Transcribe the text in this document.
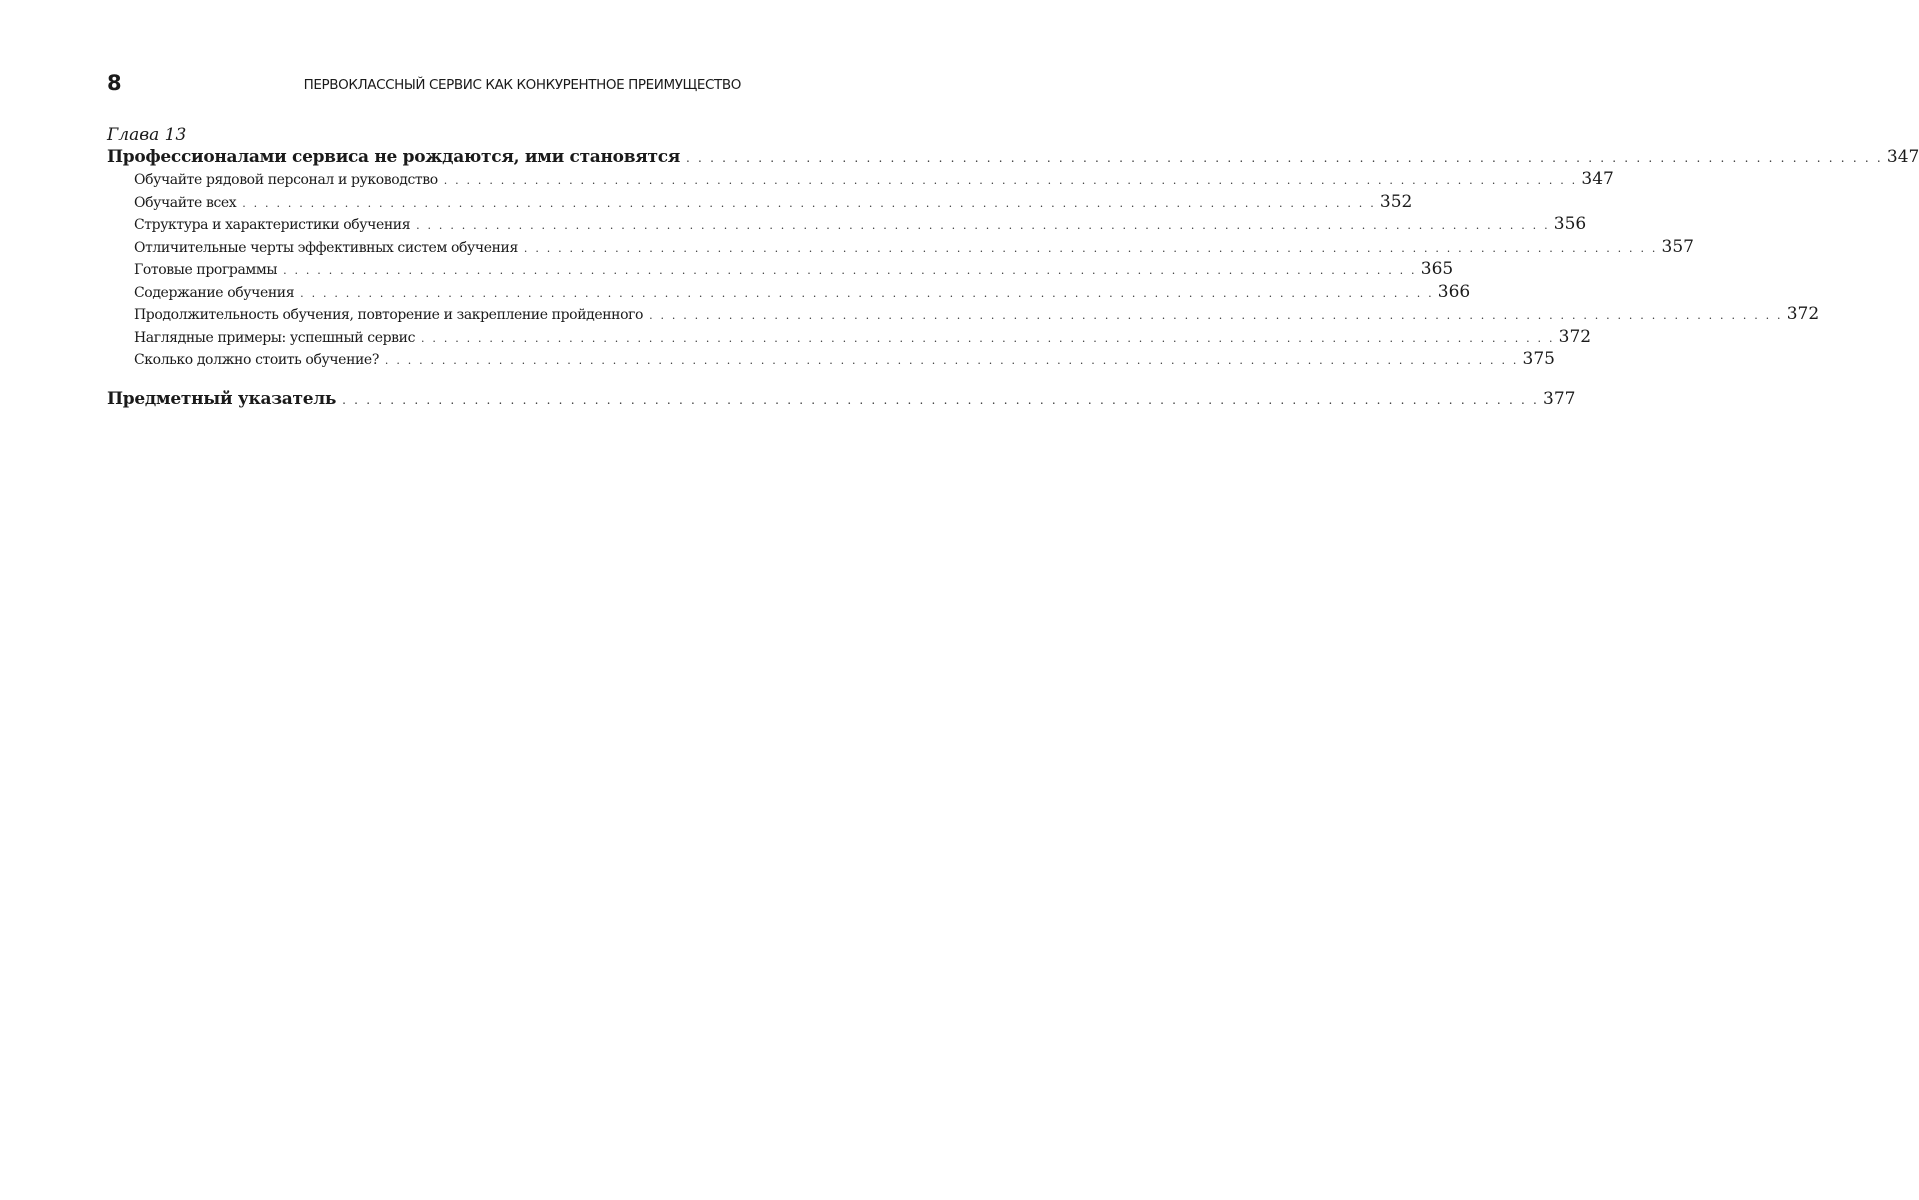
8	ПЕРВОКЛАССНЫЙ СЕРВИС КАК КОНКУРЕНТНОЕ ПРЕИМУЩЕСТВО
Глава 13
Профессионалами сервиса не рождаются, ими становятся . . .	347
Обучайте рядовой персонал и руководство . . .	347
Обучайте всех . . .	352
Структура и характеристики обучения . . .	356
Отличительные черты эффективных систем обучения . . .	357
Готовые программы . . .	365
Содержание обучения . . .	366
Продолжительность обучения, повторение и закрепление пройденного . . .	372
Наглядные примеры: успешный сервис . . .	372
Сколько должно стоить обучение? . . .	375
Предметный указатель . . .	377
